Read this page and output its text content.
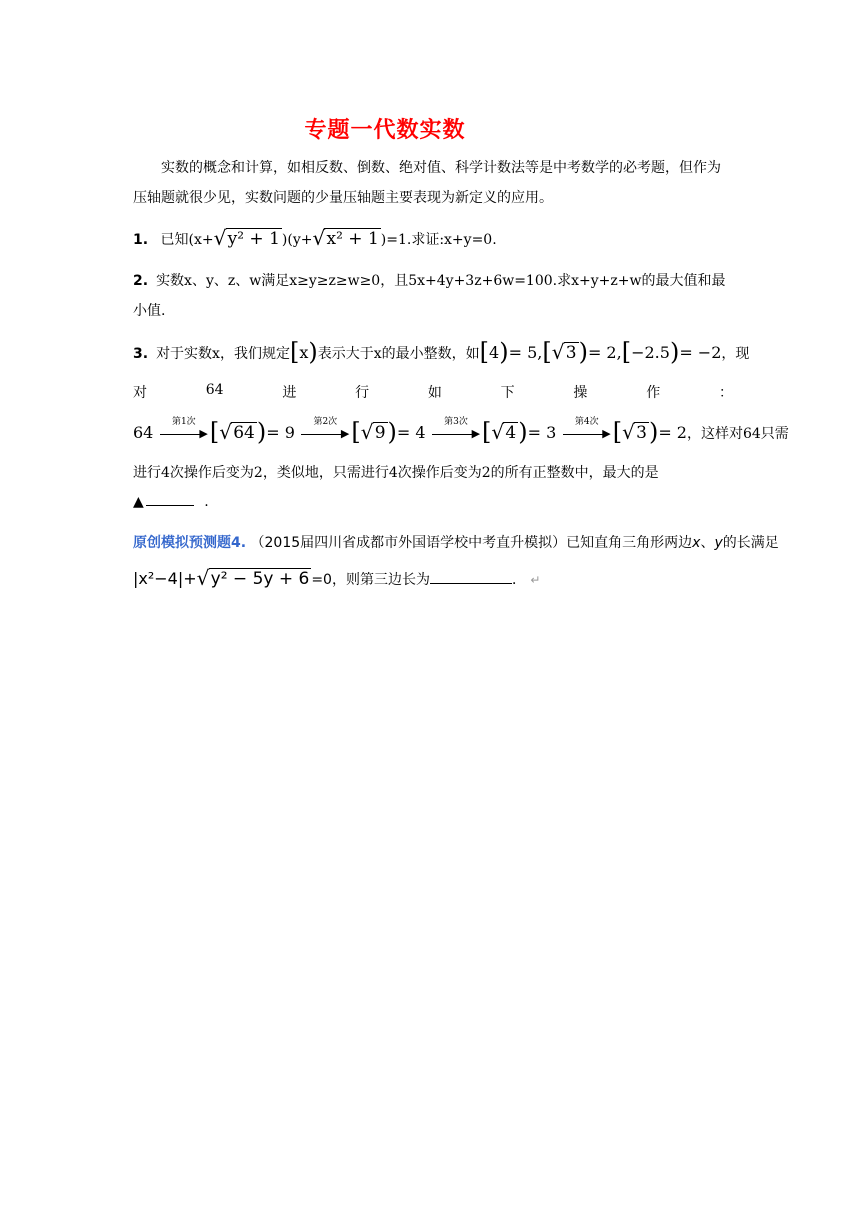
专题一代数实数
实数的概念和计算，如相反数、倒数、绝对值、科学计数法等是中考数学的必考题，但作为压轴题就很少见，实数问题的少量压轴题主要表现为新定义的应用。
1. 已知(x+ √ y² + 1 )(y+ √ x² + 1 )=1.求证:x+y=0.
2. 实数x、y、z、w满足x≥y≥z≥w≥0，且5x+4y+3z+6w=100.求x+y+z+w的最大值和最小值.
3. 对于实数x，我们规定[x)表示大于x的最小整数，如[4)= 5,[ √ 3)= 2,[−2.5)= −2，现
对	64	进	行	如	下	操	作	：
64
第1次
▶ [ √ 64)= 9
第2次
▶ [ √ 9)= 4
第3次
▶ [ √ 4)= 3
第4次
▶ [ √ 3)= 2，这样对64只需
进行4次操作后变为2，类似地，只需进行4次操作后变为2的所有正整数中，最大的是
▲	.
原创模拟预测题4. （2015届四川省成都市外国语学校中考直升模拟）已知直角三角形两边x、y的长满足
|x²−4|+ √ y² − 5y + 6 =0，则第三边长为	． ↵
